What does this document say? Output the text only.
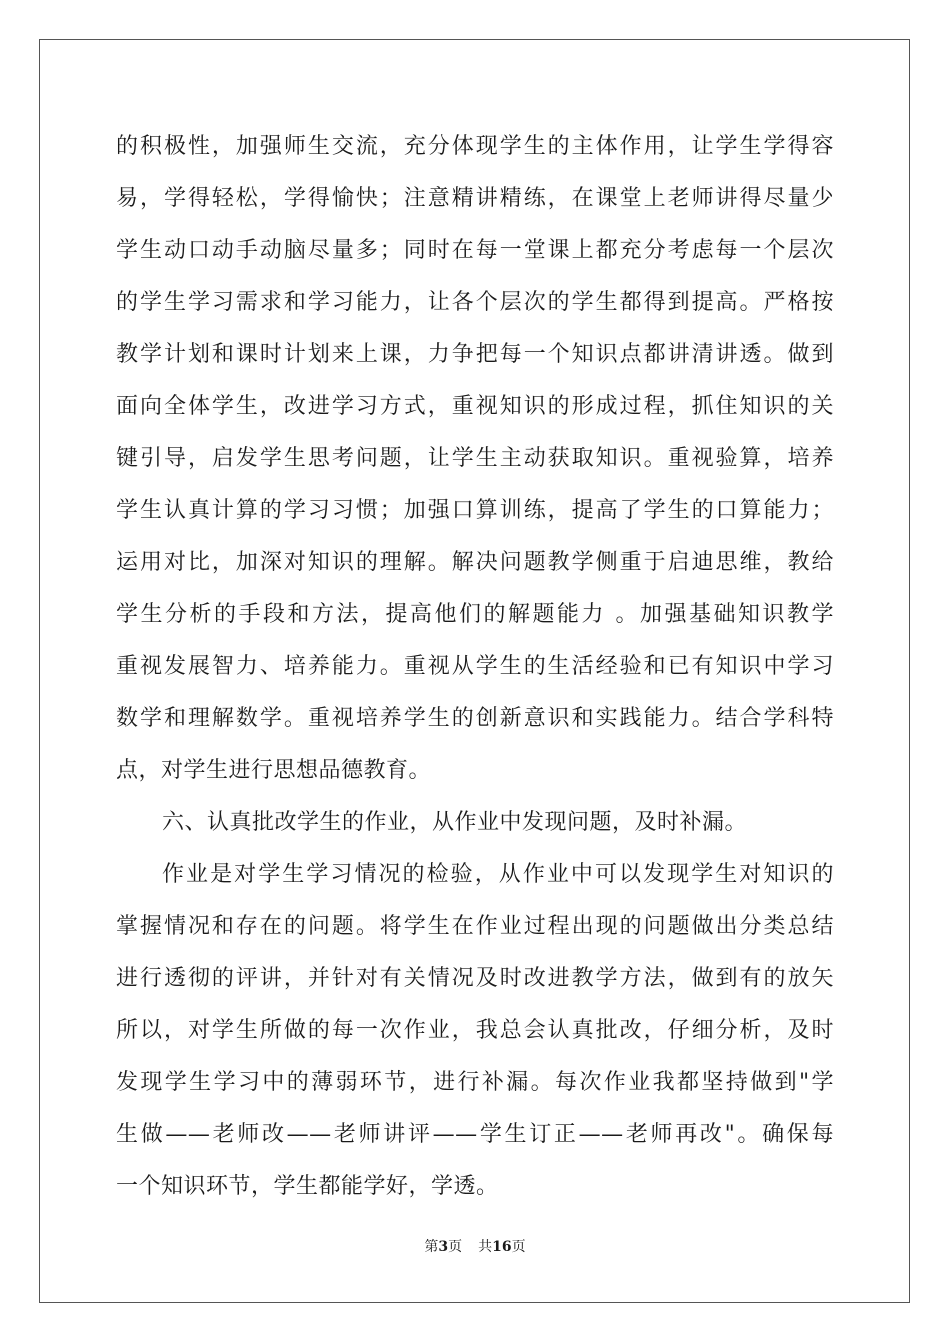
的积极性，加强师生交流，充分体现学生的主体作用，让学生学得容
易，学得轻松，学得愉快；注意精讲精练，在课堂上老师讲得尽量少
学生动口动手动脑尽量多；同时在每一堂课上都充分考虑每一个层次
的学生学习需求和学习能力，让各个层次的学生都得到提高。严格按
教学计划和课时计划来上课，力争把每一个知识点都讲清讲透。做到
面向全体学生，改进学习方式，重视知识的形成过程，抓住知识的关
键引导，启发学生思考问题，让学生主动获取知识。重视验算，培养
学生认真计算的学习习惯；加强口算训练，提高了学生的口算能力；
运用对比，加深对知识的理解。解决问题教学侧重于启迪思维，教给
学生分析的手段和方法，提高他们的解题能力 。加强基础知识教学
重视发展智力、培养能力。重视从学生的生活经验和已有知识中学习
数学和理解数学。重视培养学生的创新意识和实践能力。结合学科特
点，对学生进行思想品德教育。
六、认真批改学生的作业，从作业中发现问题，及时补漏。
作业是对学生学习情况的检验，从作业中可以发现学生对知识的
掌握情况和存在的问题。将学生在作业过程出现的问题做出分类总结
进行透彻的评讲，并针对有关情况及时改进教学方法，做到有的放矢
所以，对学生所做的每一次作业，我总会认真批改，仔细分析，及时
发现学生学习中的薄弱环节，进行补漏。每次作业我都坚持做到"学
生做——老师改——老师讲评——学生订正——老师再改"。确保每
一个知识环节，学生都能学好，学透。
第3页 共16页
